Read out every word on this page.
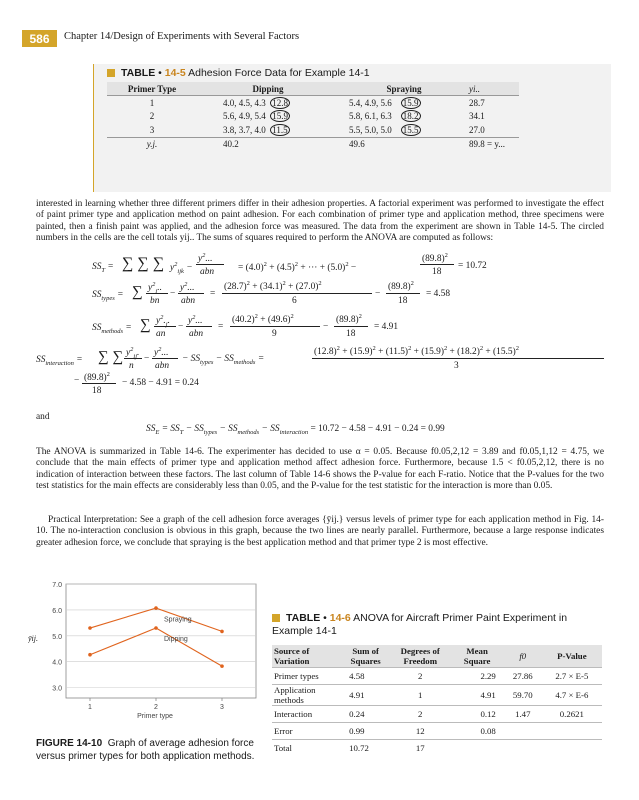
586	Chapter 14/Design of Experiments with Several Factors
TABLE • 14-5 Adhesion Force Data for Example 14-1
Primer Type	Dipping	Spraying	yi..
1	4.0, 4.5, 4.3 12.8	5.4, 4.9, 5.6 15.9	28.7
2	5.6, 4.9, 5.4 15.9	5.8, 6.1, 6.3 18.2	34.1
3	3.8, 3.7, 4.0 11.5	5.5, 5.0, 5.0 15.5	27.0
y.j.	40.2	49.6	89.8 = y...
interested in learning whether three different primers differ in their adhesion properties. A factorial experiment was performed to investigate the effect of paint primer type and application method on paint adhesion. For each combination of primer type and application method, three specimens were painted, then a finish paint was applied, and the adhesion force was measured. The data from the experiment are shown in Table 14-5. The circled numbers in the cells are the cell totals yij.. The sums of squares required to perform the ANOVA are computed as follows:
$SS_T$ = ∑ ∑ ∑ $y^2_{ijk}$ −
$y^2$...
abn	= $(4.0)^2 + (4.5)^2$ + ··· + $(5.0)^2$ −
$(89.8)^2$
18
= 10.72
$SS_{types}$ = ∑ $y^2_i$..
bn
−
$y^2$...
abn
=
$(28.7)^2 + (34.1)^2 + (27.0)^2$
6
−
$(89.8)^2$
18
= 4.58
$SS_{methods}$ = ∑ $y^2._j$.
an
−
$y^2$...
abn
=
$(40.2)^2 + (49.6)^2$
9
−
$(89.8)^2$
18
= 4.91
$SS_{interaction}$ = ∑ ∑ $y^2_{ij}$.
n
−
$y^2$...
abn
− $SS_{types} - SS_{methods}$ =
$(12.8)^2 + (15.9)^2 + (11.5)^2 + (15.9)^2 + (18.2)^2 + (15.5)^2$
3
− $(89.8)^2$
18
− 4.58 − 4.91 = 0.24
and
$SS_E = SS_T - SS_{types} - SS_{methods} - SS_{interaction} = 10.72 - 4.58 - 4.91 - 0.24 = 0.99$
The ANOVA is summarized in Table 14-6. The experimenter has decided to use α = 0.05. Because f0.05,2,12 = 3.89 and f0.05,1,12 = 4.75, we conclude that the main effects of primer type and application method affect adhesion force. Furthermore, because 1.5 < f0.05,2,12, there is no indication of interaction between these factors. The last column of Table 14-6 shows the P-value for each F-ratio. Notice that the P-values for the two test statistics for the main effects are considerably less than 0.05, and the P-value for the test statistic for the interaction is more than 0.05.
Practical Interpretation: See a graph of the cell adhesion force averages {ȳij.} versus levels of primer type for each application method in Fig. 14-10. The no-interaction conclusion is obvious in this graph, because the two lines are nearly parallel. Furthermore, because a large response indicates greater adhesion force, we conclude that spraying is the best application method and that primer type 2 is most effective.
3.0
4.0
5.0
6.0
7.0
1	2	3
Primer type
ȳij.
Spraying
Dipping
FIGURE 14-10 Graph of average adhesion force versus primer types for both application methods.
TABLE • 14-6 ANOVA for Aircraft Primer Paint Experiment in Example 14-1
Source of Variation	Sum of Squares	Degrees of Freedom	Mean Square	f0	P-Value
Primer types	4.58	2	2.29	27.86	2.7 × E-5
Application methods	4.91	1	4.91	59.70	4.7 × E-6
Interaction	0.24	2	0.12	1.47	0.2621
Error	0.99	12	0.08		
Total	10.72	17			
